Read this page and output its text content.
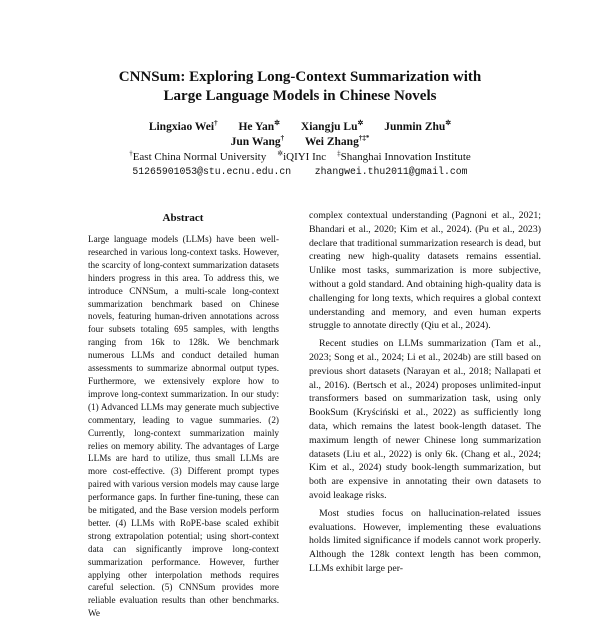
CNNSum: Exploring Long-Context Summarization with
Large Language Models in Chinese Novels
Lingxiao Wei† He Yan✲ Xiangju Lu✲ Junmin Zhu✲
Jun Wang† Wei Zhang†‡*
†East China Normal University ✲iQIYI Inc ‡Shanghai Innovation Institute
51265901053@stu.ecnu.edu.cn zhangwei.thu2011@gmail.com
Abstract
Large language models (LLMs) have been well-researched in various long-context tasks. However, the scarcity of long-context summarization datasets hinders progress in this area. To address this, we introduce CNNSum, a multi-scale long-context summarization benchmark based on Chinese novels, featuring human-driven annotations across four subsets totaling 695 samples, with lengths ranging from 16k to 128k. We benchmark numerous LLMs and conduct detailed human assessments to summarize abnormal output types. Furthermore, we extensively explore how to improve long-context summarization. In our study: (1) Advanced LLMs may generate much subjective commentary, leading to vague summaries. (2) Currently, long-context summarization mainly relies on memory ability. The advantages of Large LLMs are hard to utilize, thus small LLMs are more cost-effective. (3) Different prompt types paired with various version models may cause large performance gaps. In further fine-tuning, these can be mitigated, and the Base version models perform better. (4) LLMs with RoPE-base scaled exhibit strong extrapolation potential; using short-context data can significantly improve long-context summarization performance. However, further applying other interpolation methods requires careful selection. (5) CNNSum provides more reliable evaluation results than other benchmarks. We

complex contextual understanding (Pagnoni et al., 2021; Bhandari et al., 2020; Kim et al., 2024). (Pu et al., 2023) declare that traditional summarization research is dead, but creating new high-quality datasets remains essential. Unlike most tasks, summarization is more subjective, without a gold standard. And obtaining high-quality data is challenging for long texts, which requires a global context understanding and memory, and even human experts struggle to annotate directly (Qiu et al., 2024).

Recent studies on LLMs summarization (Tam et al., 2023; Song et al., 2024; Li et al., 2024b) are still based on previous short datasets (Narayan et al., 2018; Nallapati et al., 2016). (Bertsch et al., 2024) proposes unlimited-input transformers based on summarization task, using only BookSum (Kryściński et al., 2022) as sufficiently long data, which remains the latest book-length dataset. The maximum length of newer Chinese long summarization datasets (Liu et al., 2022) is only 6k. (Chang et al., 2024; Kim et al., 2024) study book-length summarization, but both are expensive in annotating their own datasets to avoid leakage risks.

Most studies focus on hallucination-related issues evaluations. However, implementing these evaluations holds limited significance if models cannot work properly. Although the 128k context length has been common, LLMs exhibit large per-
